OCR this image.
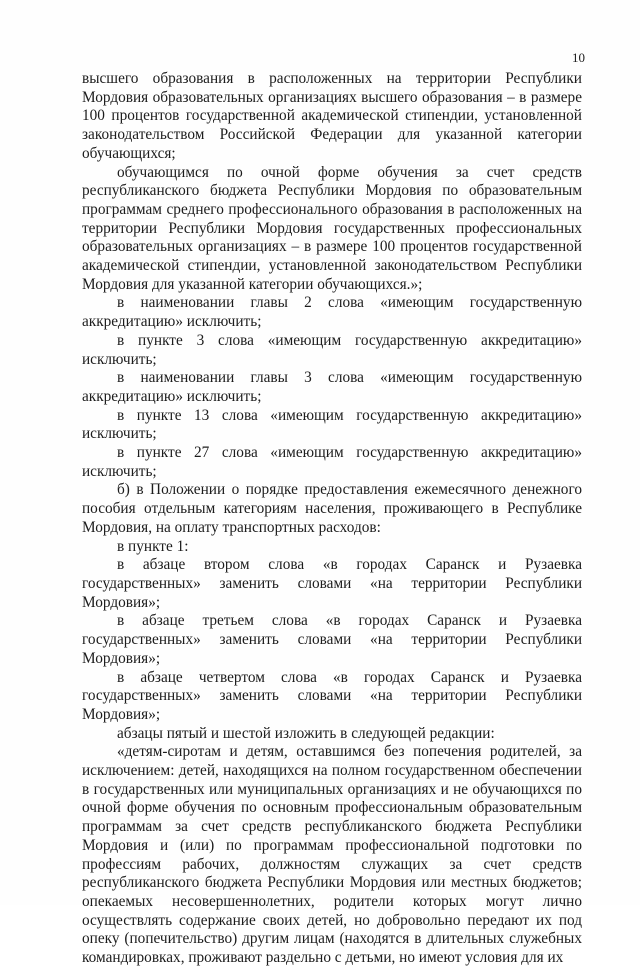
10

высшего образования в расположенных на территории Республики Мордовия образовательных организациях высшего образования – в размере 100 процентов государственной академической стипендии, установленной законодательством Российской Федерации для указанной категории обучающихся;

обучающимся по очной форме обучения за счет средств республиканского бюджета Республики Мордовия по образовательным программам среднего профессионального образования в расположенных на территории Республики Мордовия государственных профессиональных образовательных организациях – в размере 100 процентов государственной академической стипендии, установленной законодательством Республики Мордовия для указанной категории обучающихся.»;

в наименовании главы 2 слова «имеющим государственную аккредитацию» исключить;

в пункте 3 слова «имеющим государственную аккредитацию» исключить;

в наименовании главы 3 слова «имеющим государственную аккредитацию» исключить;

в пункте 13 слова «имеющим государственную аккредитацию» исключить;

в пункте 27 слова «имеющим государственную аккредитацию» исключить;

б) в Положении о порядке предоставления ежемесячного денежного пособия отдельным категориям населения, проживающего в Республике Мордовия, на оплату транспортных расходов:

в пункте 1:

в абзаце втором слова «в городах Саранск и Рузаевка государственных» заменить словами «на территории Республики Мордовия»;

в абзаце третьем слова «в городах Саранск и Рузаевка государственных» заменить словами «на территории Республики Мордовия»;

в абзаце четвертом слова «в городах Саранск и Рузаевка государственных» заменить словами «на территории Республики Мордовия»;

абзацы пятый и шестой изложить в следующей редакции:

«детям-сиротам и детям, оставшимся без попечения родителей, за исключением: детей, находящихся на полном государственном обеспечении в государственных или муниципальных организациях и не обучающихся по очной форме обучения по основным профессиональным образовательным программам за счет средств республиканского бюджета Республики Мордовия и (или) по программам профессиональной подготовки по профессиям рабочих, должностям служащих за счет средств республиканского бюджета Республики Мордовия или местных бюджетов; опекаемых несовершеннолетних, родители которых могут лично осуществлять содержание своих детей, но добровольно передают их под опеку (попечительство) другим лицам (находятся в длительных служебных командировках, проживают раздельно с детьми, но имеют условия для их
